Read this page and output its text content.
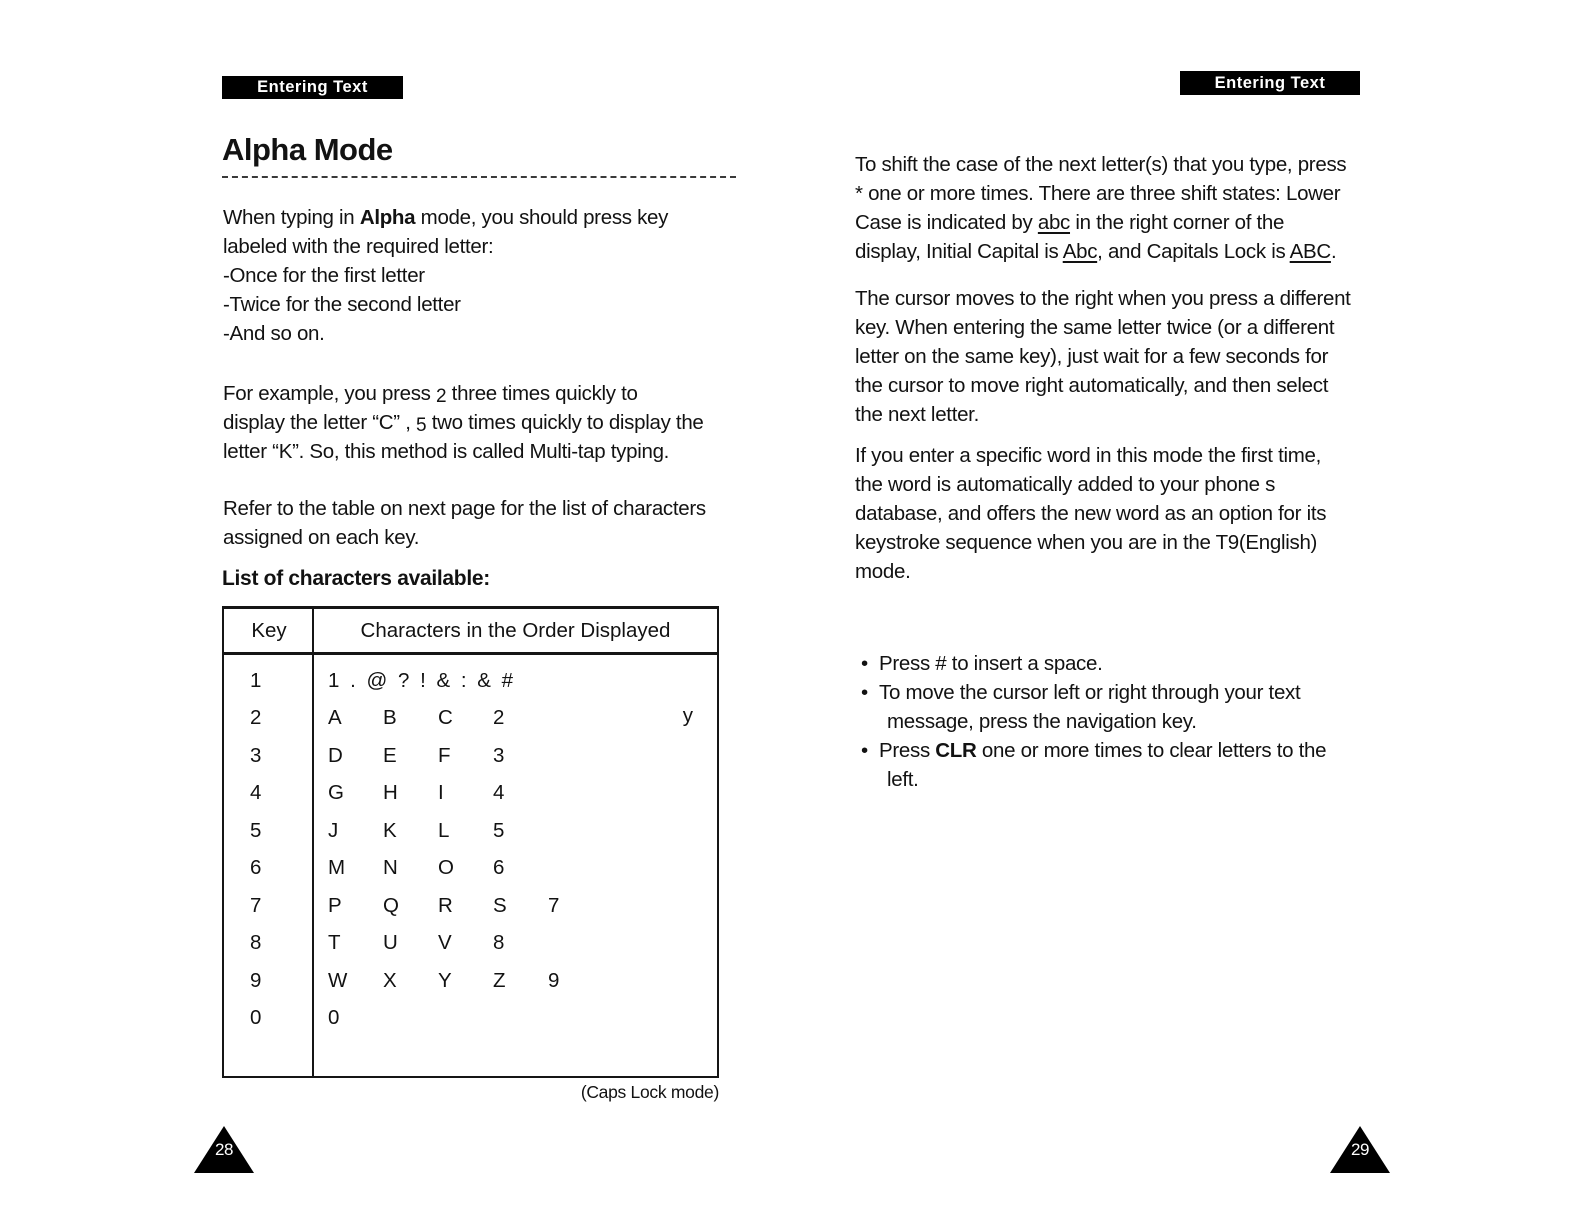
Entering Text
Alpha Mode
When typing in Alpha mode, you should press key
labeled with the required letter:
-Once for the first letter
-Twice for the second letter
-And so on.
For example, you press 2 three times quickly to
display the letter “C” , 5 two times quickly to display the
letter “K”. So, this method is called Multi-tap typing.
Refer to the table on next page for the list of characters
assigned on each key.
List of characters available:
Key	Characters in the Order Displayed
1	1 . @ ? ! & : & #
2	A B C 2	y
3	D E F 3
4	G H I 4
5	J K L 5
6	M N O 6
7	P Q R S 7
8	T U V 8
9	W X Y Z 9
0	0
(Caps Lock mode)
28
Entering Text
To shift the case of the next letter(s) that you type, press
* one or more times. There are three shift states: Lower
Case is indicated by abc in the right corner of the
display, Initial Capital is Abc, and Capitals Lock is ABC.
The cursor moves to the right when you press a different
key. When entering the same letter twice (or a different
letter on the same key), just wait for a few seconds for
the cursor to move right automatically, and then select
the next letter.
If you enter a specific word in this mode the first time,
the word is automatically added to your phone s
database, and offers the new word as an option for its
keystroke sequence when you are in the T9(English)
mode.
• Press # to insert a space.
• To move the cursor left or right through your text
message, press the navigation key.
• Press CLR one or more times to clear letters to the
left.
29
